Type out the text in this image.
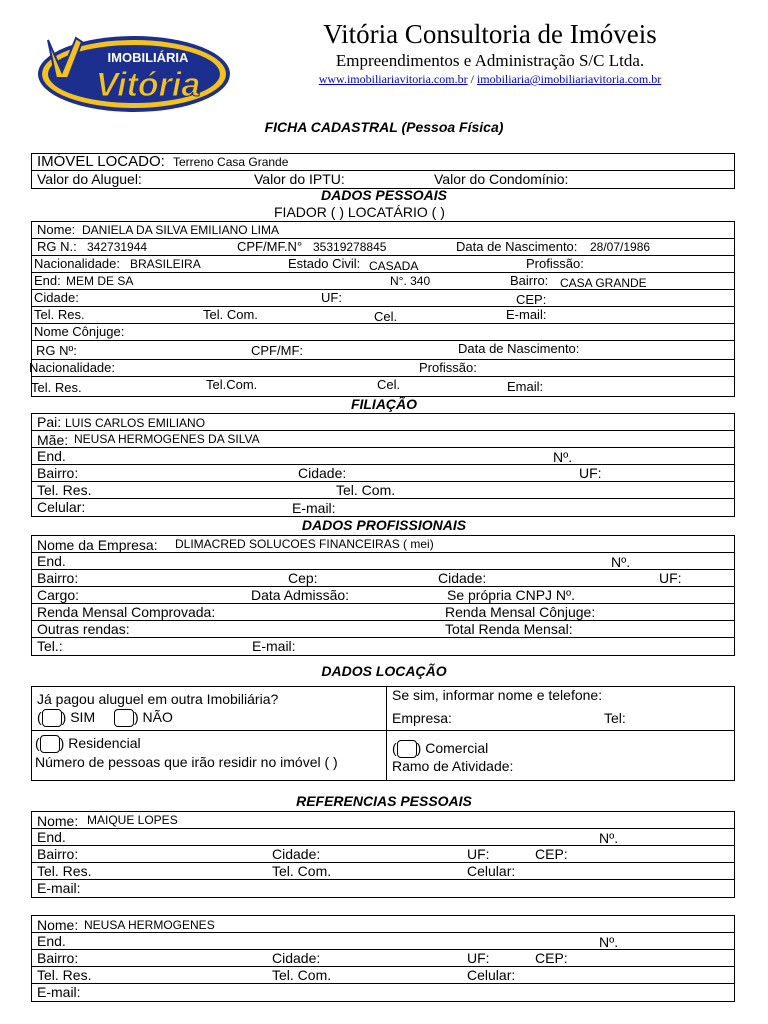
IMOBILIÁRIA
Vitória
Vitória Consultoria de Imóveis
Empreendimentos e Administração S/C Ltda.
www.imobiliariavitoria.com.br / imobiliaria@imobiliariavitoria.com.br
FICHA CADASTRAL (Pessoa Física)
IMÓVEL LOCADO: Terreno Casa Grande
Valor do Aluguel:	Valor do IPTU:	Valor do Condomínio:
DADOS PESSOAIS
FIADOR ( ) LOCATÁRIO ( )
Nome: DANIELA DA SILVA EMILIANO LIMA
RG N.: 342731944	CPF/MF.N° 35319278845	Data de Nascimento: 28/07/1986
Nacionalidade: BRASILEIRA	Estado Civil: CASADA	Profissão:
End: MEM DE SA	N°. 340	Bairro: CASA GRANDE
Cidade:	UF:	CEP:
Tel. Res.	Tel. Com.	Cel.	E-mail:
Nome Cônjuge:
RG Nº:	CPF/MF:	Data de Nascimento:
Nacionalidade:	Profissão:
Tel. Res.	Tel.Com.	Cel.	Email:
FILIAÇÃO
Pai: LUIS CARLOS EMILIANO
Mãe: NEUSA HERMOGENES DA SILVA
End.	Nº.
Bairro:	Cidade:	UF:
Tel. Res.	Tel. Com.
Celular:	E-mail:
DADOS PROFISSIONAIS
Nome da Empresa: DLIMACRED SOLUCOES FINANCEIRAS ( mei)
End.	Nº.
Bairro:	Cep:	Cidade:	UF:
Cargo:	Data Admissão:	Se própria CNPJ Nº.
Renda Mensal Comprovada:	Renda Mensal Cônjuge:
Outras rendas:	Total Renda Mensal:
Tel.:	E-mail:
DADOS LOCAÇÃO
Já pagou aluguel em outra Imobiliária?
( ) SIM	) NÃO
Se sim, informar nome e telefone:
Empresa:	Tel:
( ) Residencial
Número de pessoas que irão residir no imóvel ( )
( ) Comercial
Ramo de Atividade:
REFERENCIAS PESSOAIS
Nome: MAIQUE LOPES
End.	Nº.
Bairro:	Cidade:	UF:	CEP:
Tel. Res.	Tel. Com.	Celular:
E-mail:
Nome: NEUSA HERMOGENES
End.	Nº.
Bairro:	Cidade:	UF:	CEP:
Tel. Res.	Tel. Com.	Celular:
E-mail:
